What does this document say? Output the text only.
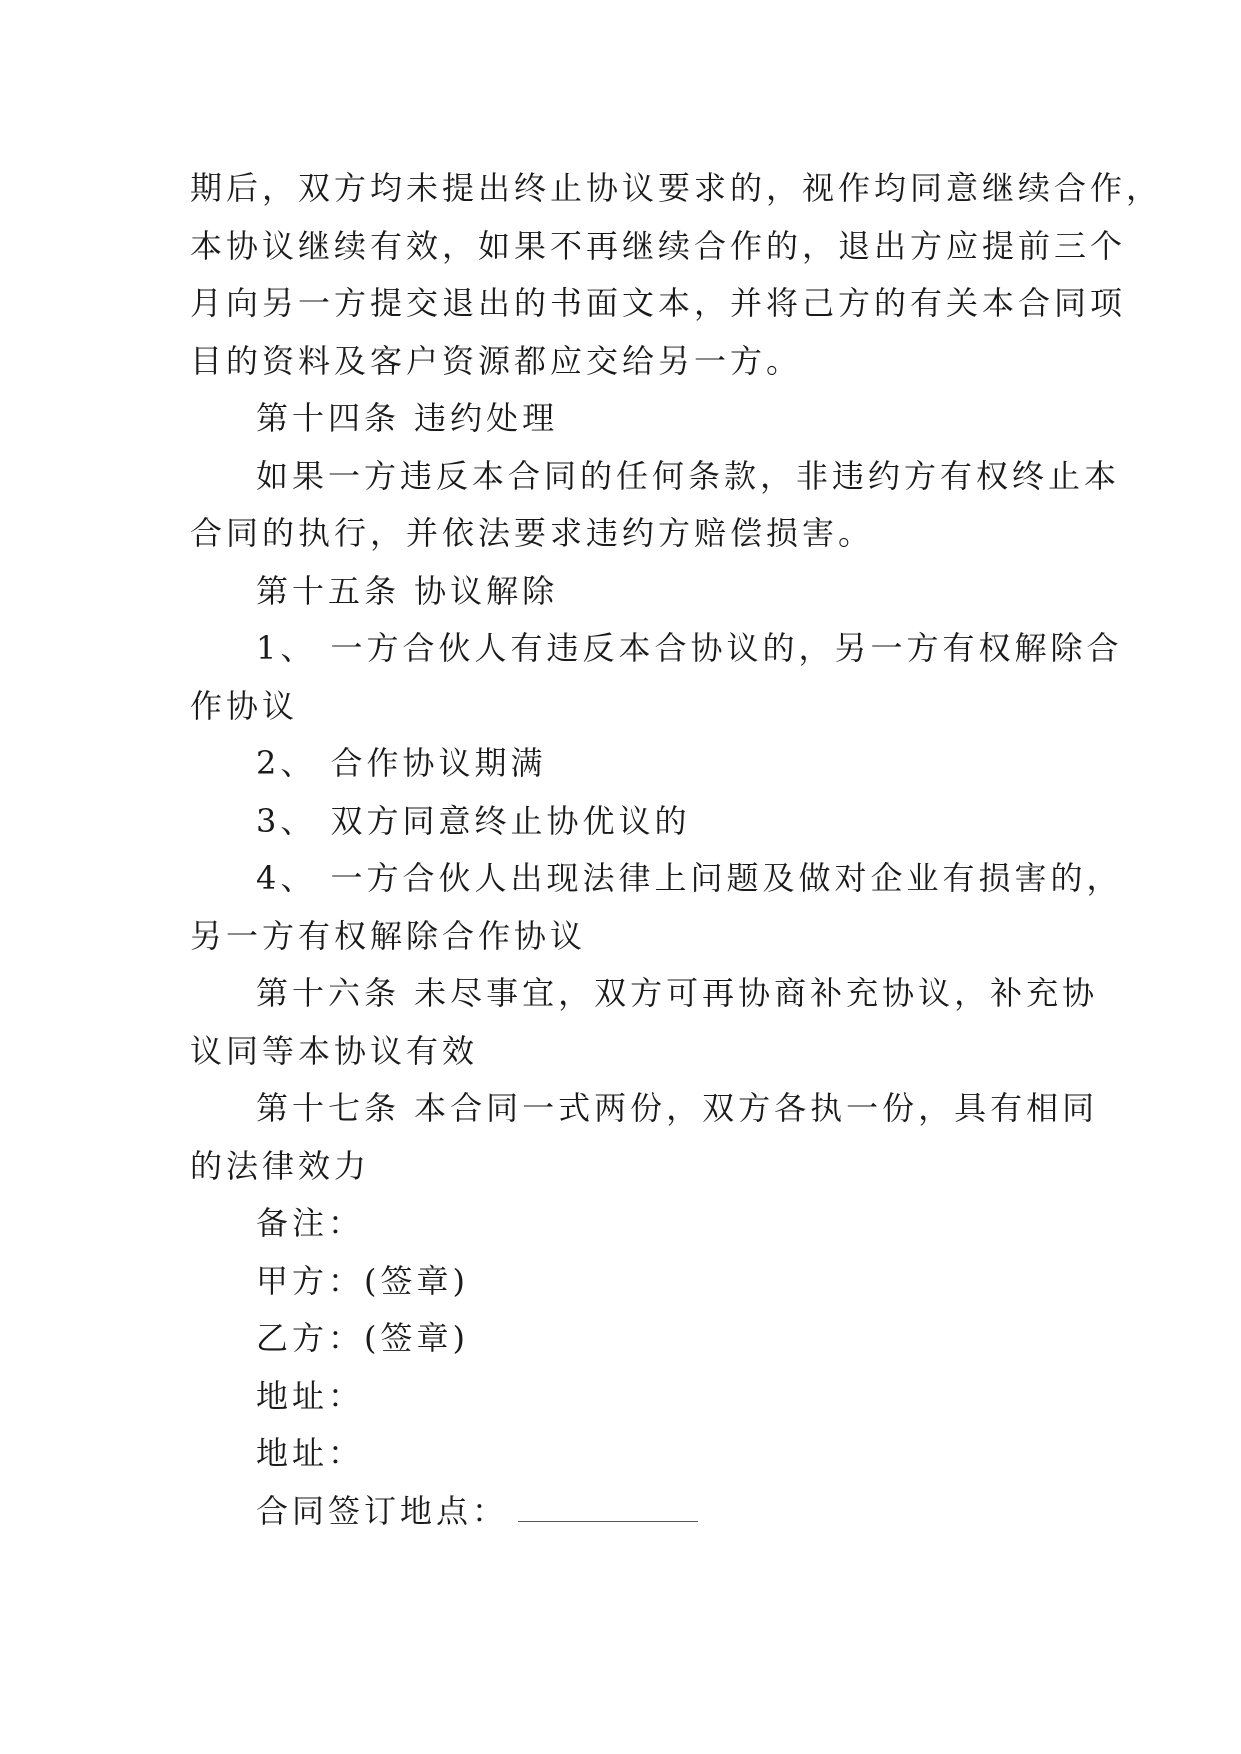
期后，双方均未提出终止协议要求的，视作均同意继续合作，
本协议继续有效，如果不再继续合作的，退出方应提前三个
月向另一方提交退出的书面文本，并将己方的有关本合同项
目的资料及客户资源都应交给另一方。
第十四条 违约处理
如果一方违反本合同的任何条款，非违约方有权终止本
合同的执行，并依法要求违约方赔偿损害。
第十五条 协议解除
1、 一方合伙人有违反本合协议的，另一方有权解除合
作协议
2、 合作协议期满
3、 双方同意终止协优议的
4、 一方合伙人出现法律上问题及做对企业有损害的，
另一方有权解除合作协议
第十六条 未尽事宜，双方可再协商补充协议，补充协
议同等本协议有效
第十七条 本合同一式两份，双方各执一份，具有相同
的法律效力
备注：
甲方：(签章)
乙方：(签章)
地址：
地址：
合同签订地点：
